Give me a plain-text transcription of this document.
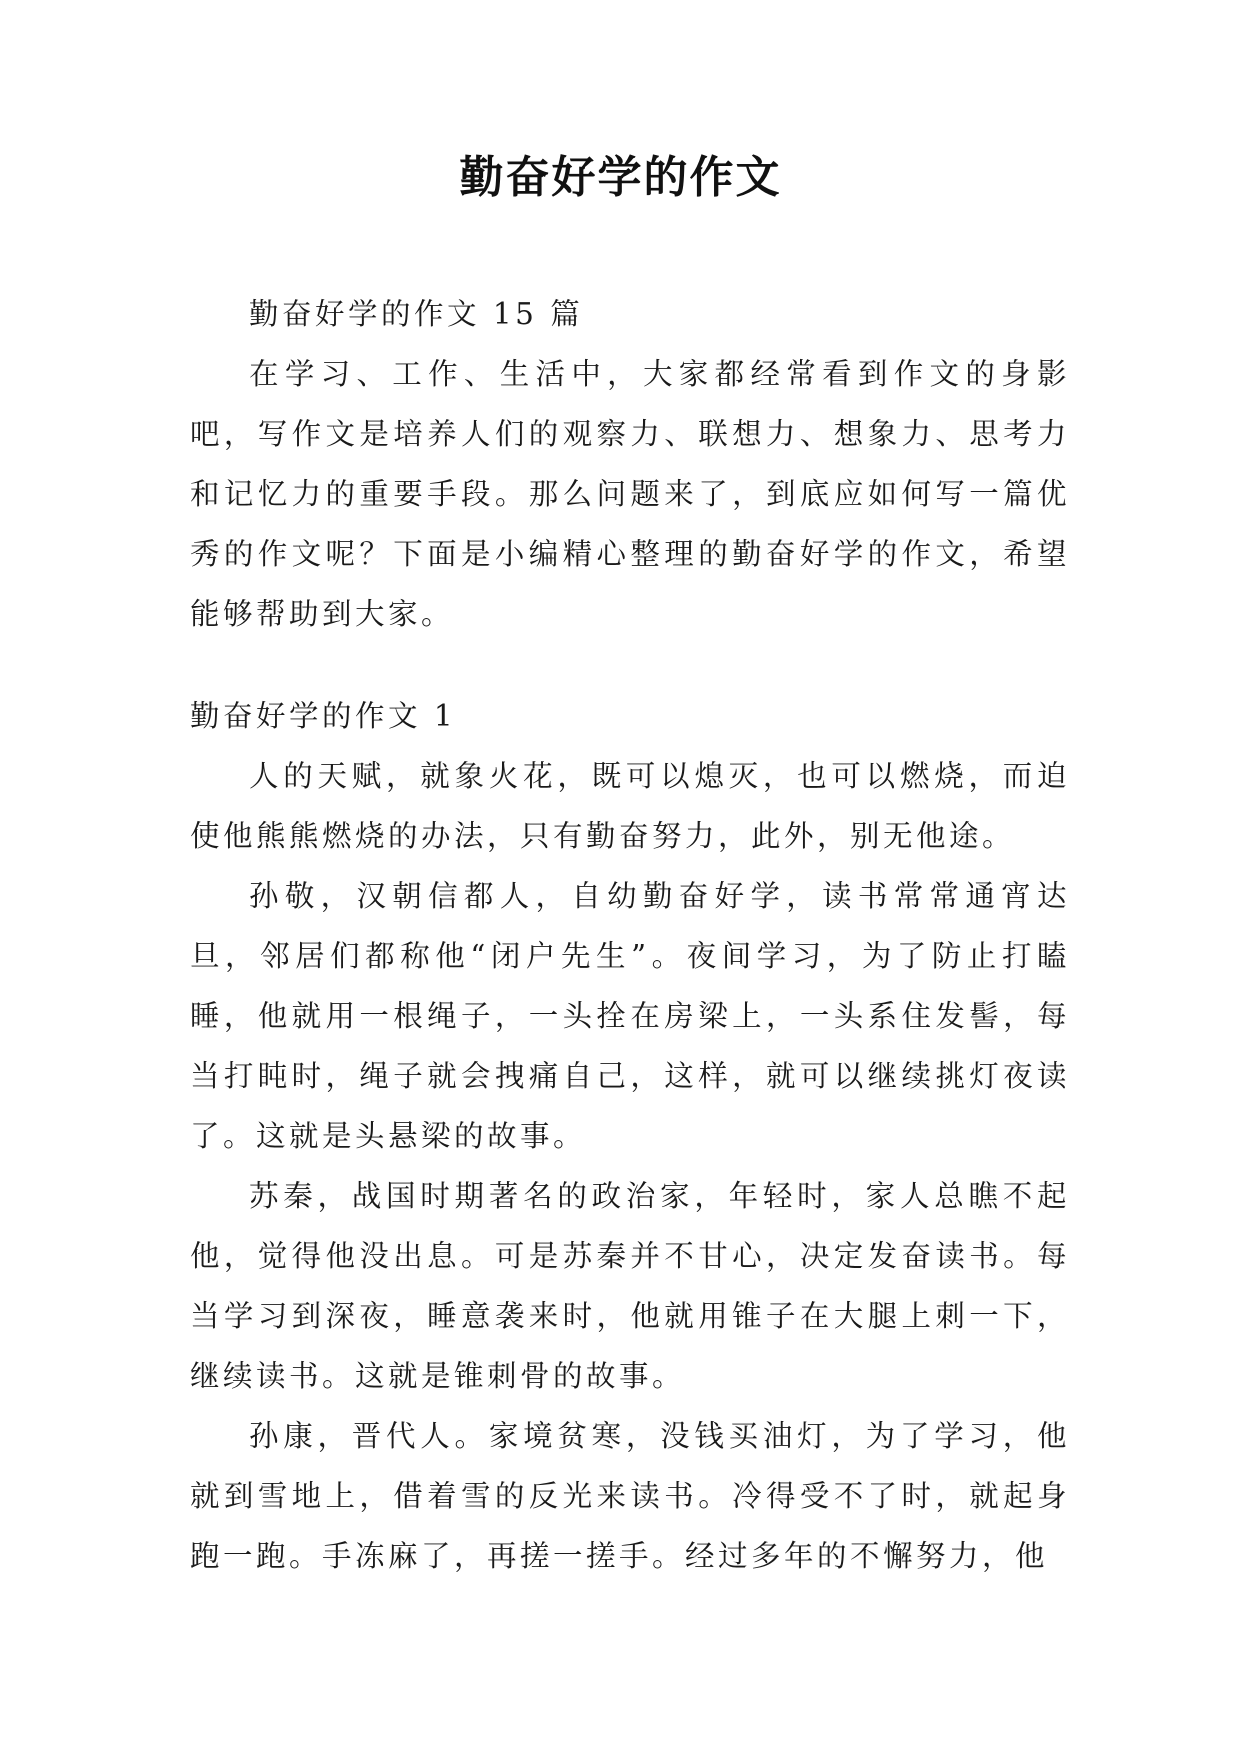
勤奋好学的作文

勤奋好学的作文 15 篇

在学习、工作、生活中，大家都经常看到作文的身影吧，写作文是培养人们的观察力、联想力、想象力、思考力和记忆力的重要手段。那么问题来了，到底应如何写一篇优秀的作文呢？下面是小编精心整理的勤奋好学的作文，希望能够帮助到大家。

勤奋好学的作文 1

人的天赋，就象火花，既可以熄灭，也可以燃烧，而迫使他熊熊燃烧的办法，只有勤奋努力，此外，别无他途。

孙敬，汉朝信都人，自幼勤奋好学，读书常常通宵达旦，邻居们都称他“闭户先生”。夜间学习，为了防止打瞌睡，他就用一根绳子，一头拴在房梁上，一头系住发髻，每当打盹时，绳子就会拽痛自己，这样，就可以继续挑灯夜读了。这就是头悬梁的故事。

苏秦，战国时期著名的政治家，年轻时，家人总瞧不起他，觉得他没出息。可是苏秦并不甘心，决定发奋读书。每当学习到深夜，睡意袭来时，他就用锥子在大腿上刺一下，继续读书。这就是锥刺骨的故事。

孙康，晋代人。家境贫寒，没钱买油灯，为了学习，他就到雪地上，借着雪的反光来读书。冷得受不了时，就起身跑一跑。手冻麻了，再搓一搓手。经过多年的不懈努力，他
